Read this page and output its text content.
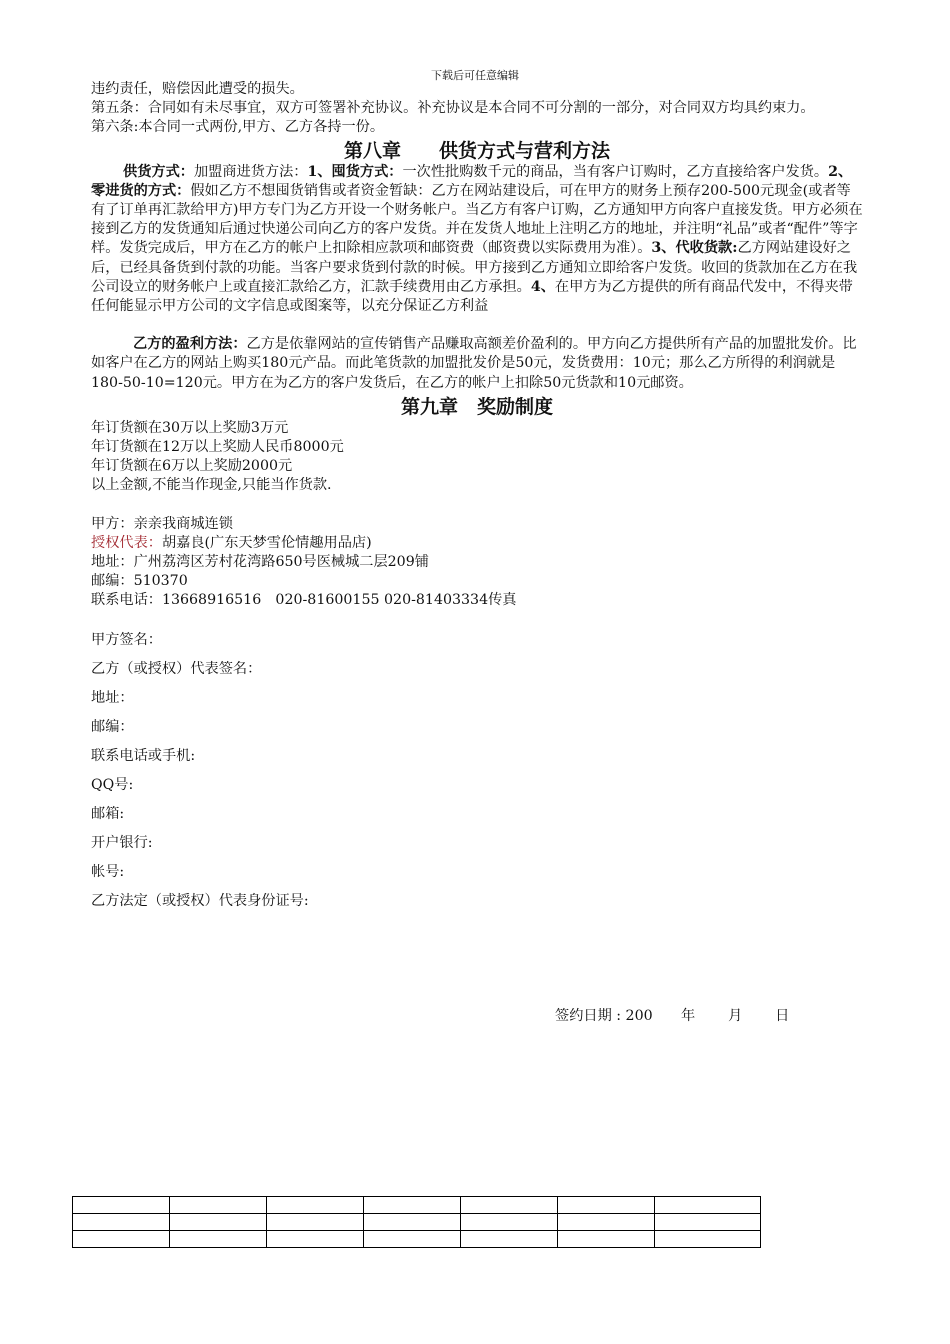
下载后可任意编辑

违约责任，赔偿因此遭受的损失。

第五条：合同如有未尽事宜，双方可签署补充协议。补充协议是本合同不可分割的一部分，对合同双方均具约束力。

第六条:本合同一式两份,甲方、乙方各持一份。

第八章　　供货方式与营利方法

供货方式：加盟商进货方法：1、囤货方式：一次性批购数千元的商品，当有客户订购时，乙方直接给客户发货。2、零进货的方式：假如乙方不想囤货销售或者资金暂缺：乙方在网站建设后，可在甲方的财务上预存200-500元现金(或者等有了订单再汇款给甲方)甲方专门为乙方开设一个财务帐户。当乙方有客户订购，乙方通知甲方向客户直接发货。甲方必须在接到乙方的发货通知后通过快递公司向乙方的客户发货。并在发货人地址上注明乙方的地址，并注明“礼品”或者“配件”等字样。发货完成后，甲方在乙方的帐户上扣除相应款项和邮资费（邮资费以实际费用为准）。3、代收货款:乙方网站建设好之后，已经具备货到付款的功能。当客户要求货到付款的时候。甲方接到乙方通知立即给客户发货。收回的货款加在乙方在我公司设立的财务帐户上或直接汇款给乙方，汇款手续费用由乙方承担。4、在甲方为乙方提供的所有商品代发中，不得夹带任何能显示甲方公司的文字信息或图案等，以充分保证乙方利益

乙方的盈利方法：乙方是依靠网站的宣传销售产品赚取高额差价盈利的。甲方向乙方提供所有产品的加盟批发价。比如客户在乙方的网站上购买180元产品。而此笔货款的加盟批发价是50元，发货费用：10元；那么乙方所得的利润就是180-50-10=120元。甲方在为乙方的客户发货后，在乙方的帐户上扣除50元货款和10元邮资。

第九章　奖励制度

年订货额在30万以上奖励3万元

年订货额在12万以上奖励人民币8000元

年订货额在6万以上奖励2000元

以上金额,不能当作现金,只能当作货款.

甲方：亲亲我商城连锁

授权代表：胡嘉良(广东天梦雪伦情趣用品店)

地址：广州荔湾区芳村花湾路650号医械城二层209铺

邮编：510370

联系电话：13668916516　020-81600155 020-81403334传真

甲方签名：

乙方（或授权）代表签名：

地址：

邮编：

联系电话或手机:

QQ号:

邮箱:

开户银行:

帐号:

乙方法定（或授权）代表身份证号:

签约日期 : 200　　年　　 月　　 日
